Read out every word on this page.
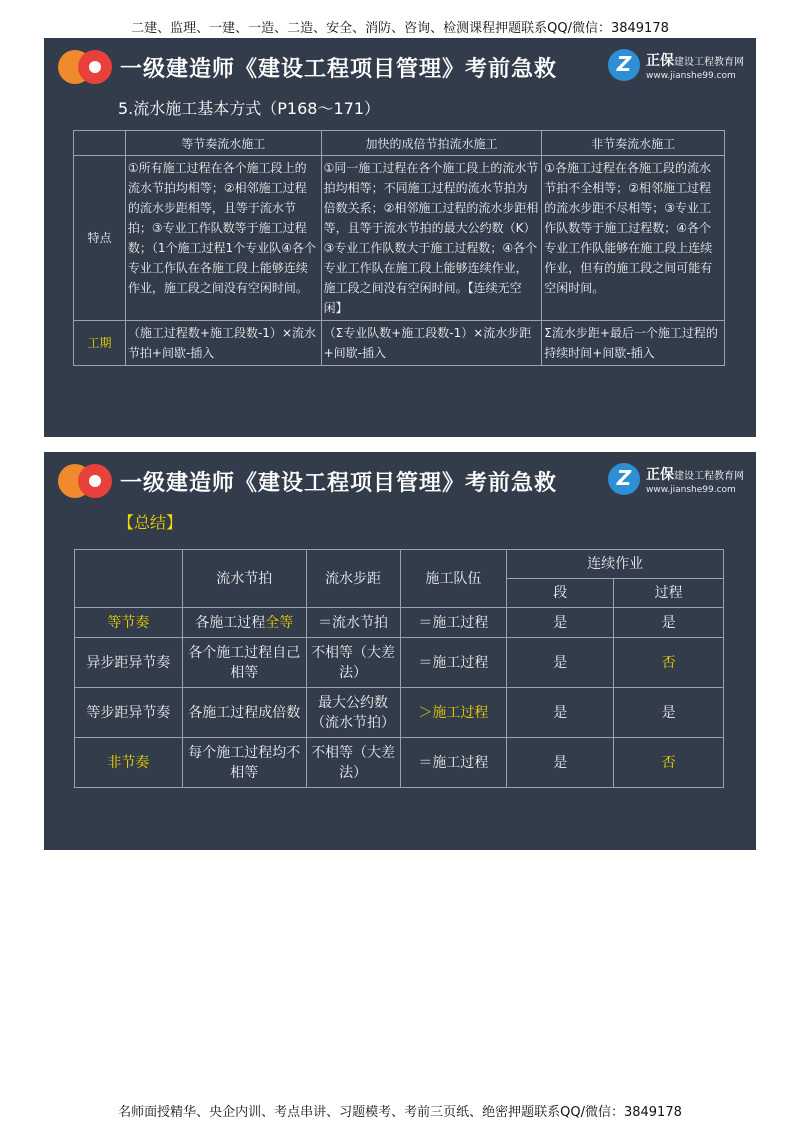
二建、监理、一建、一造、二造、安全、消防、咨询、检测课程押题联系QQ/微信：3849178
一级建造师《建设工程项目管理》考前急救	Z	正保建设工程教育网
www.jianshe99.com
5.流水施工基本方式（P168～171）
	等节奏流水施工	加快的成倍节拍流水施工	非节奏流水施工
特点	①所有施工过程在各个施工段上的流水节拍均相等；②相邻施工过程的流水步距相等，且等于流水节拍；③专业工作队数等于施工过程数；（1个施工过程1个专业队④各个专业工作队在各施工段上能够连续作业，施工段之间没有空闲时间。	①同一施工过程在各个施工段上的流水节拍均相等；不同施工过程的流水节拍为倍数关系；②相邻施工过程的流水步距相等，且等于流水节拍的最大公约数（K）③专业工作队数大于施工过程数；④各个专业工作队在施工段上能够连续作业，施工段之间没有空闲时间。【连续无空闲】	①各施工过程在各施工段的流水节拍不全相等；②相邻施工过程的流水步距不尽相等；③专业工作队数等于施工过程数；④各个专业工作队能够在施工段上连续作业，但有的施工段之间可能有空闲时间。
工期	（施工过程数+施工段数-1）×流水节拍+间歇-插入	（Σ专业队数+施工段数-1）×流水步距+间歇-插入	Σ流水步距+最后一个施工过程的持续时间+间歇-插入
一级建造师《建设工程项目管理》考前急救	Z	正保建设工程教育网
www.jianshe99.com
【总结】
	流水节拍	流水步距	施工队伍	连续作业	
				段	过程
等节奏	各施工过程全等	＝流水节拍	＝施工过程	是	是
异步距异节奏	各个施工过程自己相等	不相等（大差法）	＝施工过程	是	否
等步距异节奏	各施工过程成倍数	最大公约数（流水节拍）	＞施工过程	是	是
非节奏	每个施工过程均不相等	不相等（大差法）	＝施工过程	是	否
名师面授精华、央企内训、考点串讲、习题模考、考前三页纸、绝密押题联系QQ/微信：3849178
